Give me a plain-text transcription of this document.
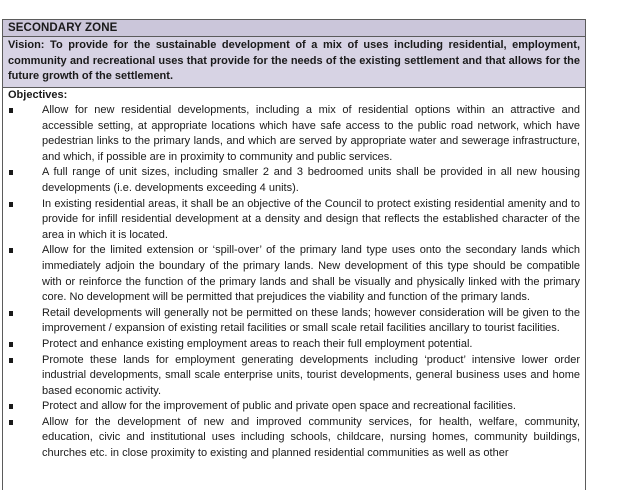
SECONDARY ZONE
Vision: To provide for the sustainable development of a mix of uses including residential, employment, community and recreational uses that provide for the needs of the existing settlement and that allows for the future growth of the settlement.
Objectives:
Allow for new residential developments, including a mix of residential options within an attractive and accessible setting, at appropriate locations which have safe access to the public road network, which have pedestrian links to the primary lands, and which are served by appropriate water and sewerage infrastructure, and which, if possible are in proximity to community and public services.
A full range of unit sizes, including smaller 2 and 3 bedroomed units shall be provided in all new housing developments (i.e. developments exceeding 4 units).
In existing residential areas, it shall be an objective of the Council to protect existing residential amenity and to provide for infill residential development at a density and design that reflects the established character of the area in which it is located.
Allow for the limited extension or ‘spill-over’ of the primary land type uses onto the secondary lands which immediately adjoin the boundary of the primary lands. New development of this type should be compatible with or reinforce the function of the primary lands and shall be visually and physically linked with the primary core. No development will be permitted that prejudices the viability and function of the primary lands.
Retail developments will generally not be permitted on these lands; however consideration will be given to the improvement / expansion of existing retail facilities or small scale retail facilities ancillary to tourist facilities.
Protect and enhance existing employment areas to reach their full employment potential.
Promote these lands for employment generating developments including ‘product’ intensive lower order industrial developments, small scale enterprise units, tourist developments, general business uses and home based economic activity.
Protect and allow for the improvement of public and private open space and recreational facilities.
Allow for the development of new and improved community services, for health, welfare, community, education, civic and institutional uses including schools, childcare, nursing homes, community buildings, churches etc. in close proximity to existing and planned residential communities as well as other
